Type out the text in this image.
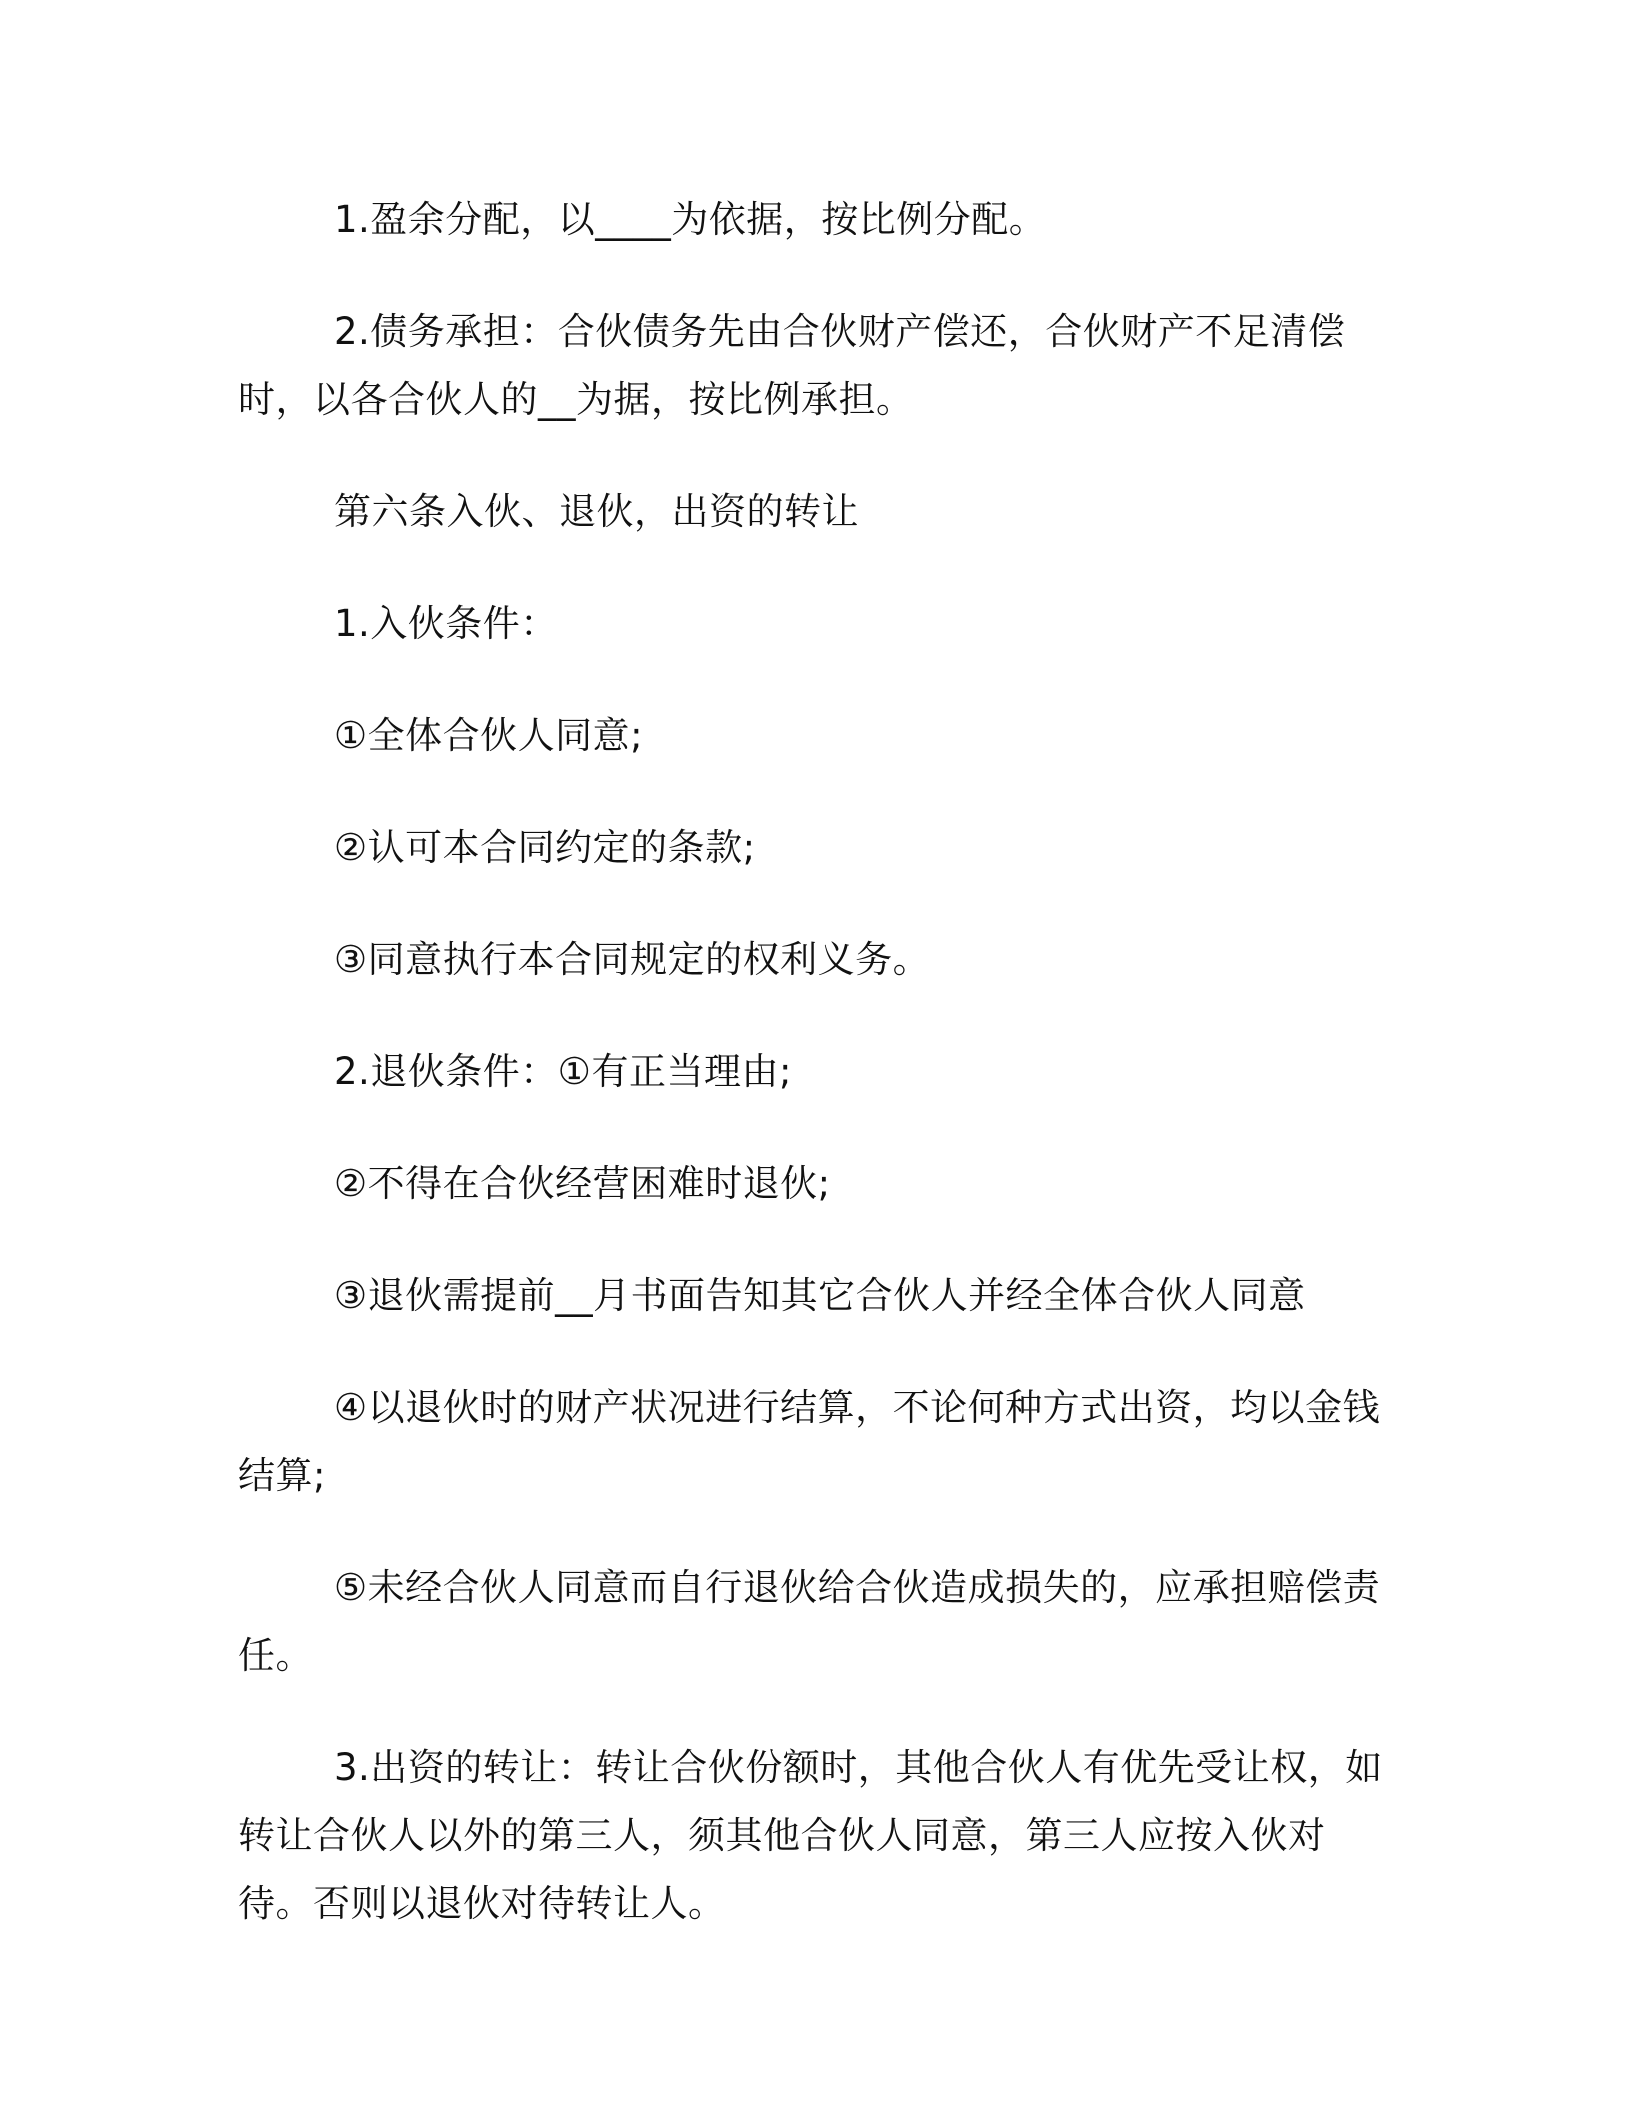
1.盈余分配，以____为依据，按比例分配。

2.债务承担：合伙债务先由合伙财产偿还，合伙财产不足清偿时，以各合伙人的__为据，按比例承担。

第六条入伙、退伙，出资的转让

1.入伙条件：

①全体合伙人同意;

②认可本合同约定的条款;

③同意执行本合同规定的权利义务。

2.退伙条件：①有正当理由;

②不得在合伙经营困难时退伙;

③退伙需提前__月书面告知其它合伙人并经全体合伙人同意

④以退伙时的财产状况进行结算，不论何种方式出资，均以金钱结算;

⑤未经合伙人同意而自行退伙给合伙造成损失的，应承担赔偿责任。

3.出资的转让：转让合伙份额时，其他合伙人有优先受让权，如转让合伙人以外的第三人，须其他合伙人同意，第三人应按入伙对待。否则以退伙对待转让人。
